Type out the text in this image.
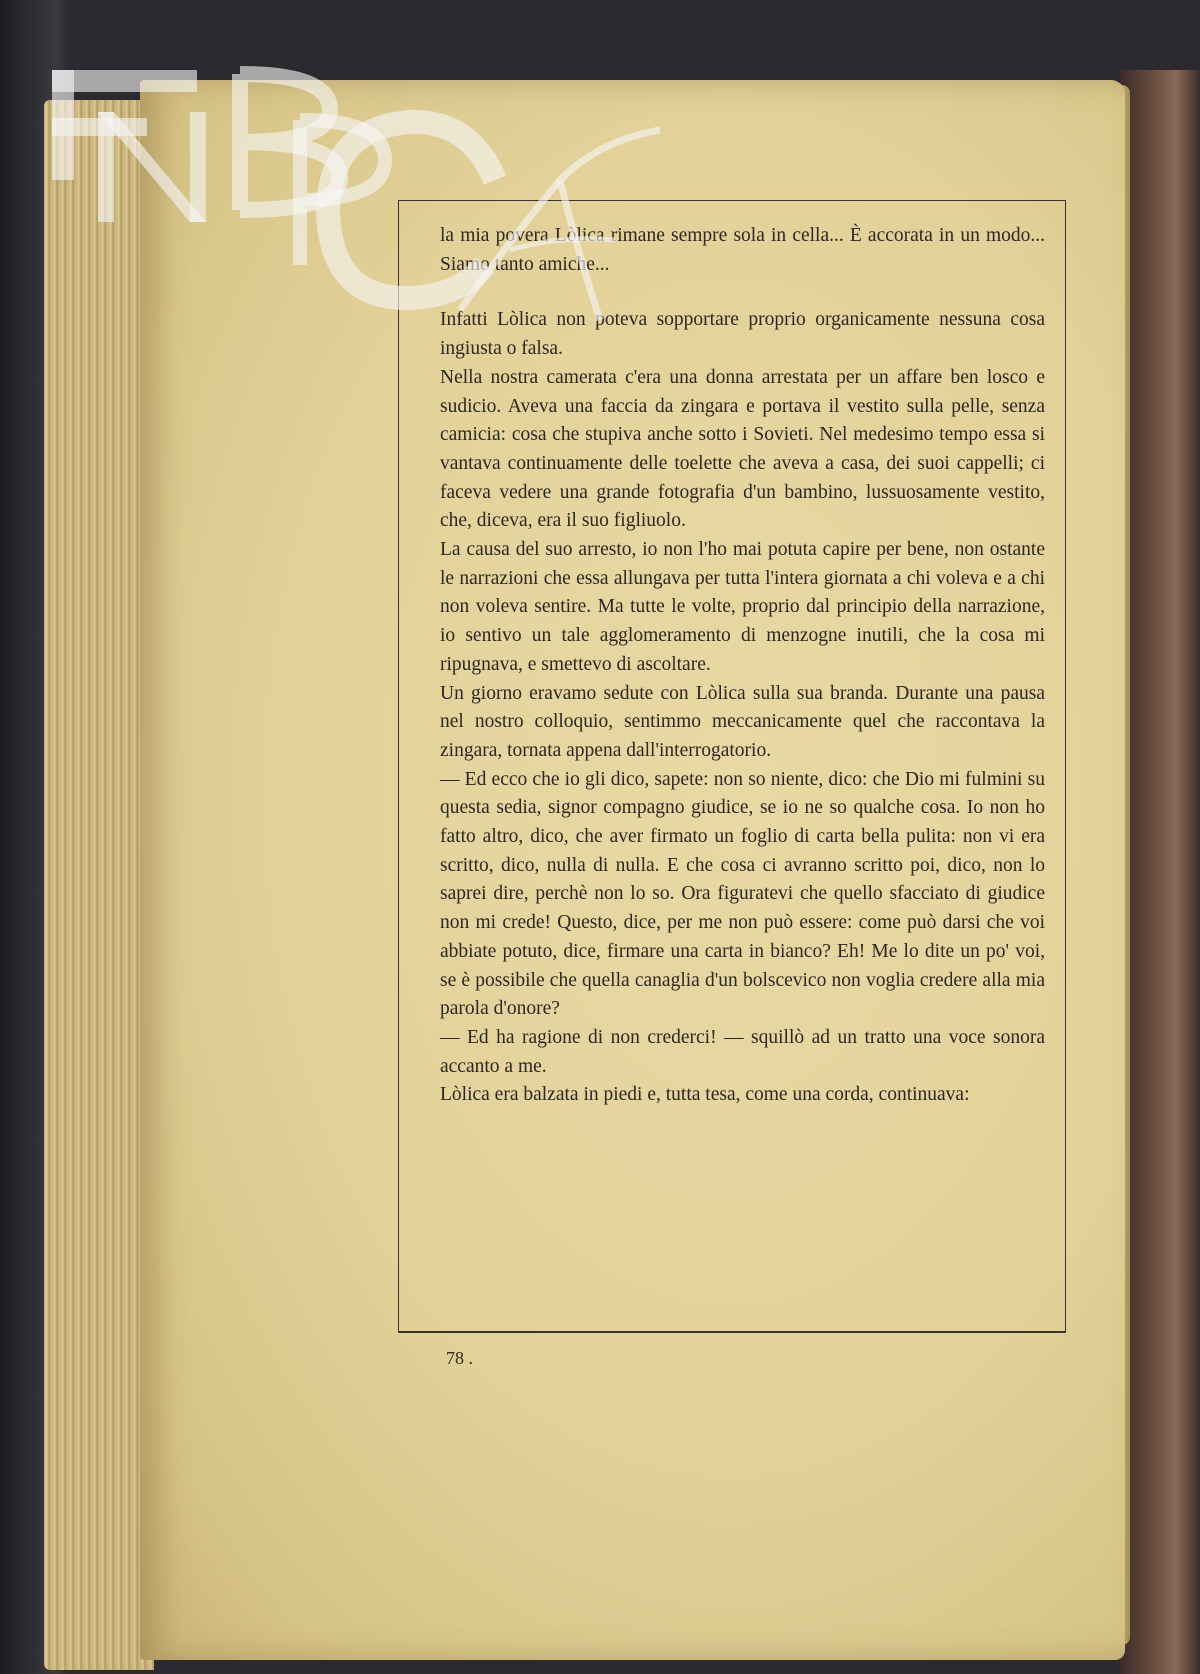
la mia povera Lòlica rimane sempre sola in cella... È accorata in un modo... Siamo tanto amiche...

Infatti Lòlica non poteva sopportare proprio organicamente nessuna cosa ingiusta o falsa.

Nella nostra camerata c'era una donna arrestata per un affare ben losco e sudicio. Aveva una faccia da zingara e portava il vestito sulla pelle, senza camicia: cosa che stupiva anche sotto i Sovieti. Nel medesimo tempo essa si vantava continuamente delle toelette che aveva a casa, dei suoi cappelli; ci faceva vedere una grande fotografia d'un bambino, lussuosamente vestito, che, diceva, era il suo figliuolo.

La causa del suo arresto, io non l'ho mai potuta capire per bene, non ostante le narrazioni che essa allungava per tutta l'intera giornata a chi voleva e a chi non voleva sentire. Ma tutte le volte, proprio dal principio della narrazione, io sentivo un tale agglomeramento di menzogne inutili, che la cosa mi ripugnava, e smettevo di ascoltare.

Un giorno eravamo sedute con Lòlica sulla sua branda. Durante una pausa nel nostro colloquio, sentimmo meccanicamente quel che raccontava la zingara, tornata appena dall'interrogatorio.

— Ed ecco che io gli dico, sapete: non so niente, dico: che Dio mi fulmini su questa sedia, signor compagno giudice, se io ne so qualche cosa. Io non ho fatto altro, dico, che aver firmato un foglio di carta bella pulita: non vi era scritto, dico, nulla di nulla. E che cosa ci avranno scritto poi, dico, non lo saprei dire, perchè non lo so. Ora figuratevi che quello sfacciato di giudice non mi crede! Questo, dice, per me non può essere: come può darsi che voi abbiate potuto, dice, firmare una carta in bianco? Eh! Me lo dite un po' voi, se è possibile che quella canaglia d'un bolscevico non voglia credere alla mia parola d'onore?

— Ed ha ragione di non crederci! — squillò ad un tratto una voce sonora accanto a me.

Lòlica era balzata in piedi e, tutta tesa, come una corda, continuava:

78 .
